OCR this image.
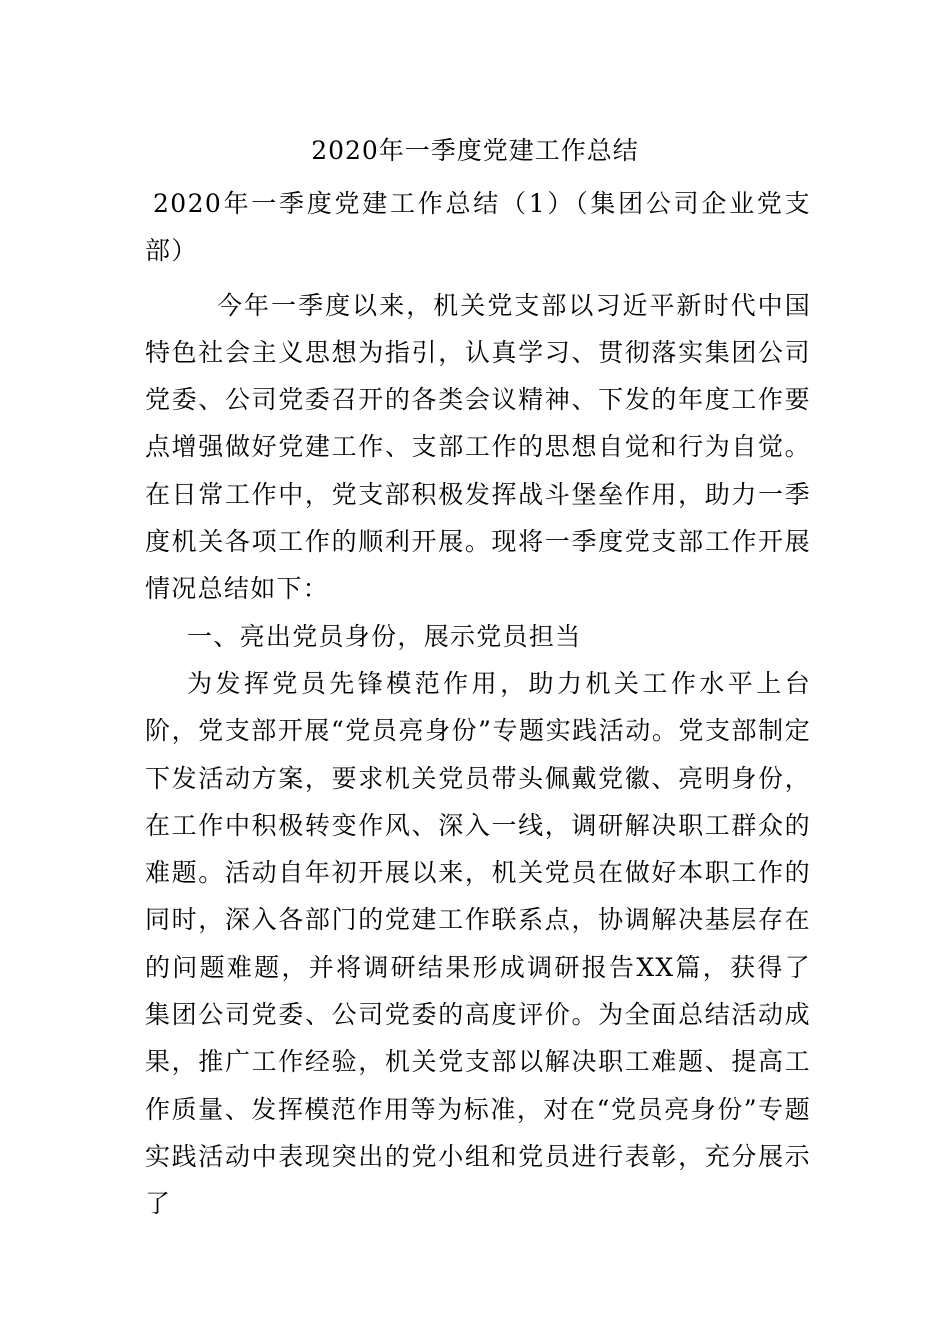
2020年一季度党建工作总结

2020年一季度党建工作总结（1）（集团公司企业党支部）

今年一季度以来，机关党支部以习近平新时代中国特色社会主义思想为指引，认真学习、贯彻落实集团公司党委、公司党委召开的各类会议精神、下发的年度工作要点增强做好党建工作、支部工作的思想自觉和行为自觉。在日常工作中，党支部积极发挥战斗堡垒作用，助力一季度机关各项工作的顺利开展。现将一季度党支部工作开展情况总结如下：

一、亮出党员身份，展示党员担当

为发挥党员先锋模范作用，助力机关工作水平上台阶，党支部开展“党员亮身份”专题实践活动。党支部制定下发活动方案，要求机关党员带头佩戴党徽、亮明身份，在工作中积极转变作风、深入一线，调研解决职工群众的难题。活动自年初开展以来，机关党员在做好本职工作的同时，深入各部门的党建工作联系点，协调解决基层存在的问题难题，并将调研结果形成调研报告XX篇，获得了集团公司党委、公司党委的高度评价。为全面总结活动成果，推广工作经验，机关党支部以解决职工难题、提高工作质量、发挥模范作用等为标准，对在“党员亮身份”专题实践活动中表现突出的党小组和党员进行表彰，充分展示了
